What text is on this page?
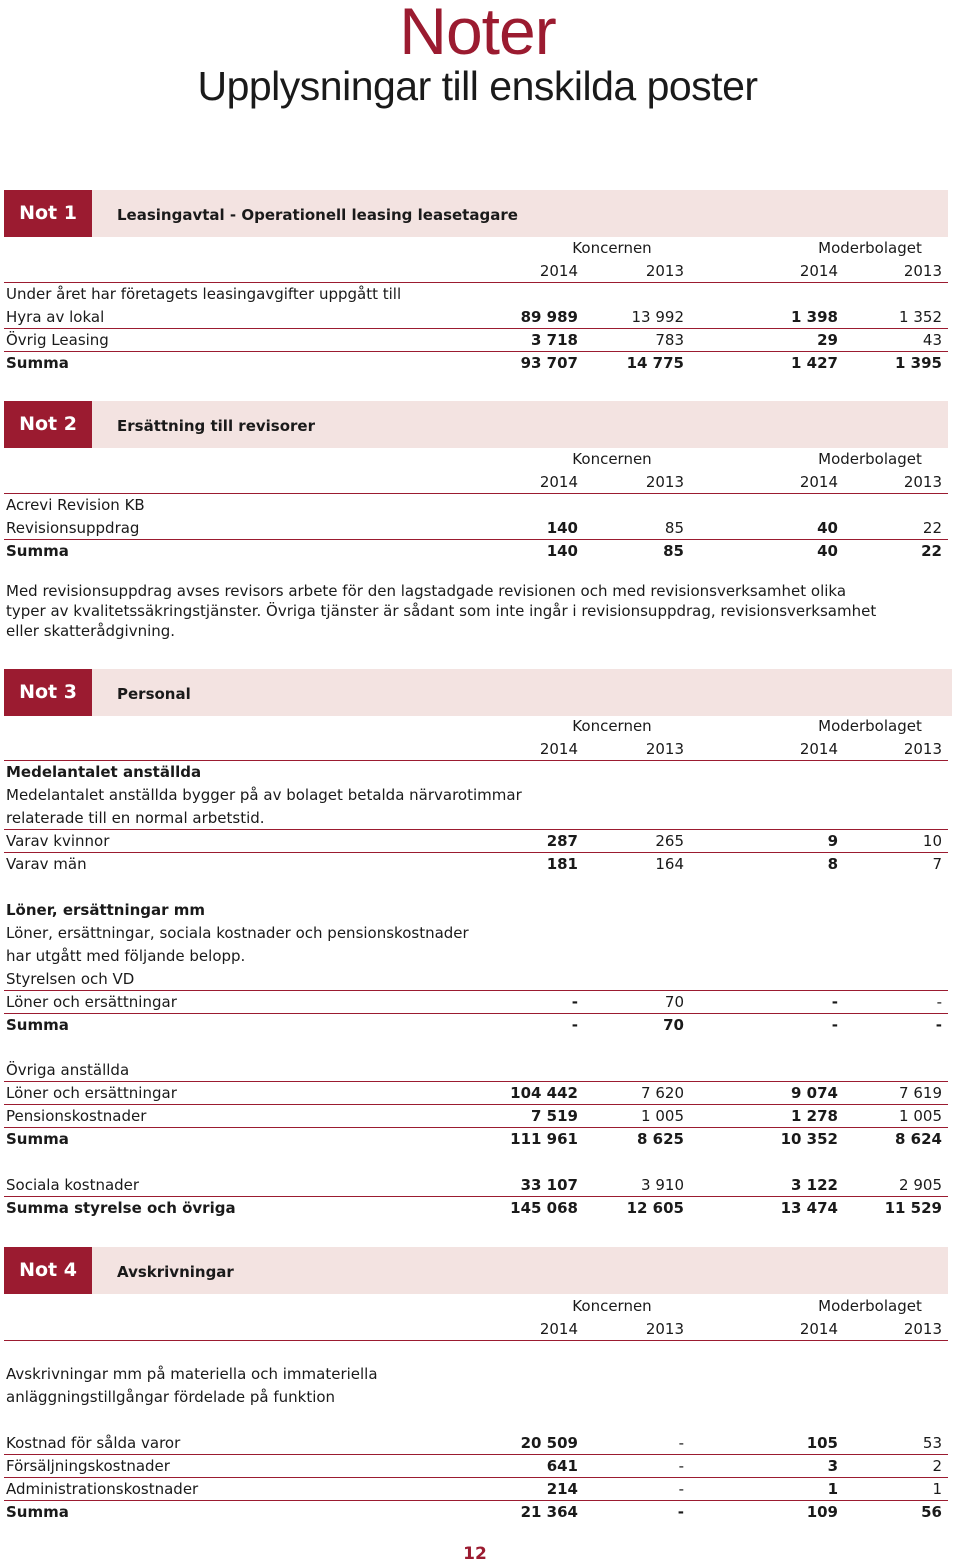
Noter
Upplysningar till enskilda poster
Not 1	Leasingavtal - Operationell leasing leasetagare
Koncernen	Moderbolaget
2014	2013	2014	2013
Under året har företagets leasingavgifter uppgått till
Hyra av lokal	89 989	13 992	1 398	1 352
Övrig Leasing	3 718	783	29	43
Summa	93 707	14 775	1 427	1 395
Not 2	Ersättning till revisorer
Koncernen	Moderbolaget
2014	2013	2014	2013
Acrevi Revision KB
Revisionsuppdrag	140	85	40	22
Summa	140	85	40	22
Med revisionsuppdrag avses revisors arbete för den lagstadgade revisionen och med revisionsverksamhet olika
typer av kvalitetssäkringstjänster. Övriga tjänster är sådant som inte ingår i revisionsuppdrag, revisionsverksamhet
eller skatterådgivning.
Not 3	Personal
Koncernen	Moderbolaget
2014	2013	2014	2013
Medelantalet anställda
Medelantalet anställda bygger på av bolaget betalda närvarotimmar
relaterade till en normal arbetstid.
Varav kvinnor	287	265	9	10
Varav män	181	164	8	7
Löner, ersättningar mm
Löner, ersättningar, sociala kostnader och pensionskostnader
har utgått med följande belopp.
Styrelsen och VD
Löner och ersättningar	-	70	-	-
Summa	-	70	-	-
Övriga anställda
Löner och ersättningar	104 442	7 620	9 074	7 619
Pensionskostnader	7 519	1 005	1 278	1 005
Summa	111 961	8 625	10 352	8 624
Sociala kostnader	33 107	3 910	3 122	2 905
Summa styrelse och övriga	145 068	12 605	13 474	11 529
Not 4	Avskrivningar
Koncernen	Moderbolaget
2014	2013	2014	2013
Avskrivningar mm på materiella och immateriella
anläggningstillgångar fördelade på funktion
Kostnad för sålda varor	20 509	-	105	53
Försäljningskostnader	641	-	3	2
Administrationskostnader	214	-	1	1
Summa	21 364	-	109	56
12
